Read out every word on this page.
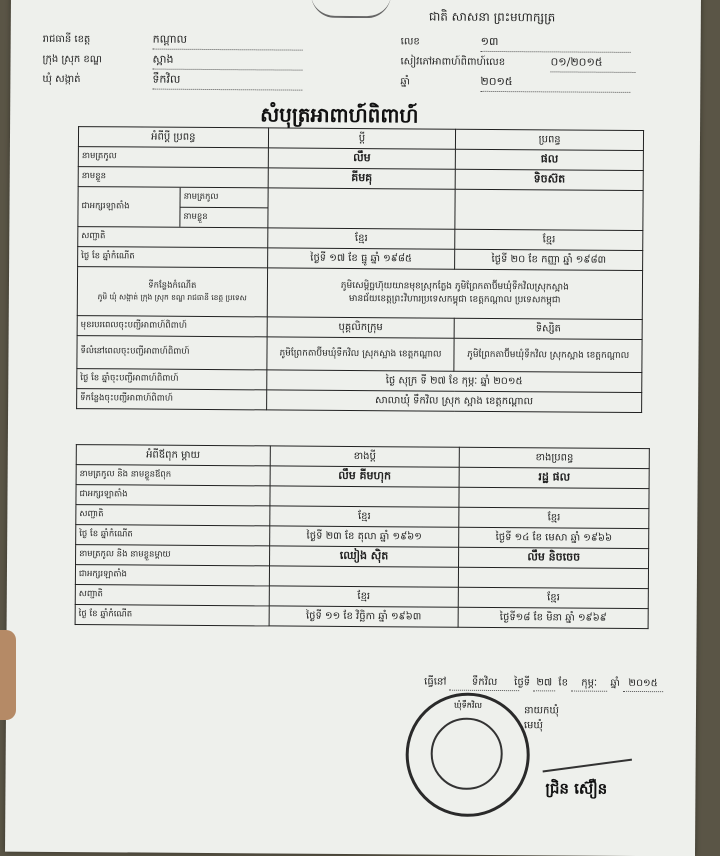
ជាតិ សាសនា ព្រះមហាក្សត្រ
រាជធានី ខេត្ត	កណ្ដាល
ក្រុង ស្រុក ខណ្ឌ	ស្អាង
ឃុំ សង្កាត់	ទឹកវិល
លេខ	១៣
សៀវភៅអាពាហ៍ពិពាហ៍លេខ	០១/២០១៥
ឆ្នាំ	២០១៥
សំបុត្រអាពាហ៍ពិពាហ៍
អំពីប្ដី ប្រពន្ធ	ប្ដី	ប្រពន្ធ
នាមត្រកូល	លឹម	ផល
នាមខ្លួន	គីមគុ	ទិចស៊ត

ជាអក្សរឡាតាំង	នាមត្រកូល
នាមខ្លួន

សញ្ជាតិ	ខ្មែរ	ខ្មែរ
ថ្ងៃ ខែ ឆ្នាំកំណើត	ថ្ងៃទី ១៧ ខែ ធ្នូ ឆ្នាំ ១៩៨៥	ថ្ងៃទី ២០ ខែ កញ្ញា ឆ្នាំ ១៩៨៣

ទីកន្លែងកំណើត
ភូមិ ឃុំ សង្កាត់ ក្រុង ស្រុក ខណ្ឌ រាជធានី ខេត្ត ប្រទេស

ភូមិសេម្ដិច្ឆហ៊ុយយានមុខស្រុកតែ្លង ភូមិព្រែកតាប៊ីមឃុំទឹកវិលស្រុកស្អាង
មានជ័យខេត្តព្រះវិហារប្រទេសកម្ពុជា ខេត្តកណ្ដាល ប្រទេសកម្ពុជា

មុខរបរពេលចុះបញ្ជីអាពាហ៍ពិពាហ៍	បុគ្គលិកក្រុម	ទិស្សិត
ទីលំនៅពេលចុះបញ្ជីអាពាហ៍ពិពាហ៍	ភូមិព្រែកតាប៊ីមឃុំទឹកវិល ស្រុកស្អាង ខេត្តកណ្ដាល	ភូមិព្រែកតាប៊ីមឃុំទឹកវិល ស្រុកស្អាង ខេត្តកណ្ដាល
ថ្ងៃ ខែ ឆ្នាំចុះបញ្ជីអាពាហ៍ពិពាហ៍	ថ្ងៃ សុក្រ ទី ២៧ ខែ កុម្ភៈ ឆ្នាំ ២០១៥
ទីកន្លែងចុះបញ្ជីអាពាហ៍ពិពាហ៍	សាលាឃុំ ទឹកវិល ស្រុក ស្អាង ខេត្តកណ្ដាល
អំពីឪពុក ម្ដាយ	ខាងប្ដី	ខាងប្រពន្ធ
នាមត្រកូល និង នាមខ្លួនឪពុក	លឹម គីមហុក	រដ្ឋ ផល
ជាអក្សរឡាតាំង		
សញ្ជាតិ	ខ្មែរ	ខ្មែរ
ថ្ងៃ ខែ ឆ្នាំកំណើត	ថ្ងៃទី ២៣ ខែ តុលា ឆ្នាំ ១៩៦១	ថ្ងៃទី ១៤ ខែ មេសា ឆ្នាំ ១៩៦៦
នាមត្រកូល និង នាមខ្លួនម្ដាយ	ឈៀង ស៊ិត	លឹម និចចេច
ជាអក្សរឡាតាំង		
សញ្ជាតិ	ខ្មែរ	ខ្មែរ
ថ្ងៃ ខែ ឆ្នាំកំណើត	ថ្ងៃទី ១១ ខែ វិច្ឆិកា ឆ្នាំ ១៩៦៣	ថ្ងៃទី១៨ ខែ មិនា ឆ្នាំ ១៩៦៩
ធ្វើនៅ	ទឹកវិល	ថ្ងៃទី ២៧ ខែ កុម្ភៈ ឆ្នាំ ២០១៥
ឃុំទឹកវិល	នាយកឃុំ
មេឃុំ
ជ្រិន ស៊ឿន
